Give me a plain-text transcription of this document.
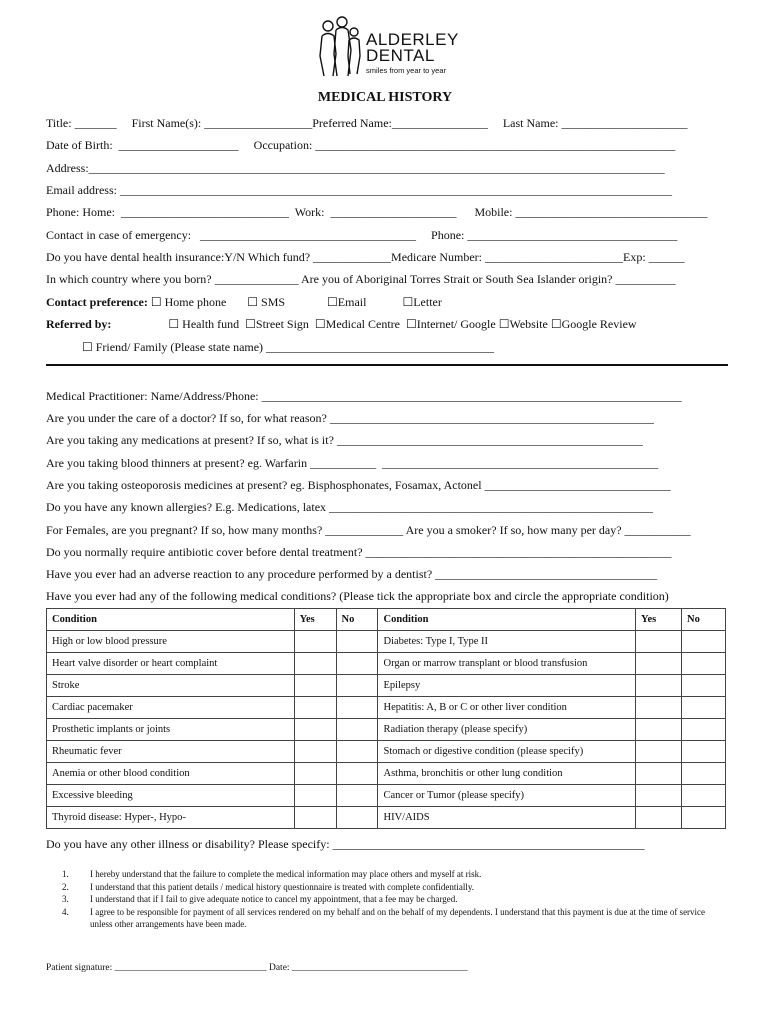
ALDERLEY
DENTAL
smiles from year to year
MEDICAL HISTORY
Title: _______     First Name(s): __________________Preferred Name:________________     Last Name: _____________________
Date of Birth:  ____________________     Occupation: ____________________________________________________________
Address:________________________________________________________________________________________________
Email address: ____________________________________________________________________________________________
Phone: Home:  ____________________________  Work:  _____________________      Mobile: ________________________________
Contact in case of emergency:   ____________________________________     Phone: ___________________________________
Do you have dental health insurance:Y/N Which fund? _____________Medicare Number: _______________________Exp: ______
In which country where you born? ______________ Are you of Aboriginal Torres Strait or South Sea Islander origin? __________
Contact preference: ☐ Home phone       ☐ SMS              ☐Email            ☐Letter
Referred by:                   ☐ Health fund  ☐Street Sign  ☐Medical Centre  ☐Internet/ Google ☐Website ☐Google Review
☐ Friend/ Family (Please state name) ______________________________________
Medical Practitioner: Name/Address/Phone: ______________________________________________________________________
Are you under the care of a doctor? If so, for what reason? ______________________________________________________
Are you taking any medications at present? If so, what is it? ___________________________________________________
Are you taking blood thinners at present? eg. Warfarin ___________  ______________________________________________
Are you taking osteoporosis medicines at present? eg. Bisphosphonates, Fosamax, Actonel _______________________________
Do you have any known allergies? E.g. Medications, latex ______________________________________________________
For Females, are you pregnant? If so, how many months? _____________ Are you a smoker? If so, how many per day? ___________
Do you normally require antibiotic cover before dental treatment? ___________________________________________________
Have you ever had an adverse reaction to any procedure performed by a dentist? _____________________________________
Have you ever had any of the following medical conditions? (Please tick the appropriate box and circle the appropriate condition)
Condition	Yes	No	Condition	Yes	No
High or low blood pressure			Diabetes: Type I, Type II		
Heart valve disorder or heart complaint			Organ or marrow transplant or blood transfusion		
Stroke			Epilepsy		
Cardiac pacemaker			Hepatitis: A, B or C or other liver condition		
Prosthetic implants or joints			Radiation therapy (please specify)		
Rheumatic fever			Stomach or digestive condition (please specify)		
Anemia or other blood condition			Asthma, bronchitis or other lung condition		
Excessive bleeding			Cancer or Tumor (please specify)		
Thyroid disease: Hyper-, Hypo-			HIV/AIDS		
Do you have any other illness or disability? Please specify: ____________________________________________________
1.	I hereby understand that the failure to complete the medical information may place others and myself at risk.
2.	I understand that this patient details / medical history questionnaire is treated with complete confidentially.
3.	I understand that if I fail to give adequate notice to cancel my appointment, that a fee may be charged.
4.	I agree to be responsible for payment of all services rendered on my behalf and on the behalf of my dependents. I understand that this payment is due at the time of service unless other arrangements have been made.
Patient signature: ________________________________ Date: _____________________________________
